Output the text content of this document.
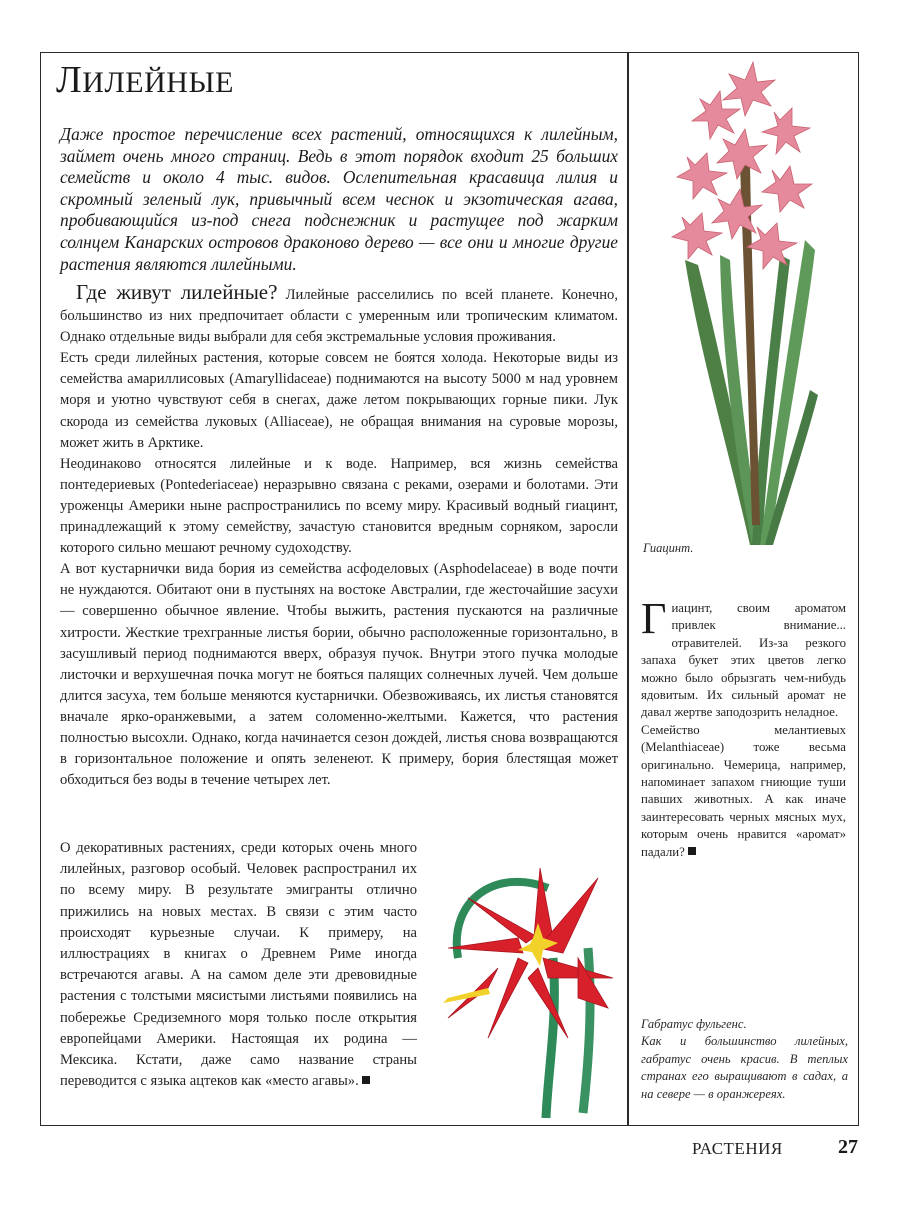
ЛИЛЕЙНЫЕ

Даже простое перечисление всех растений, относящихся к лилейным, займет очень много страниц. Ведь в этот порядок входит 25 больших семейств и около 4 тыс. видов. Ослепительная красавица лилия и скромный зеленый лук, привычный всем чеснок и экзотическая агава, пробивающийся из-под снега подснежник и растущее под жарким солнцем Канарских островов драконово дерево — все они и многие другие растения являются лилейными.

Где живут лилейные? Лилейные расселились по всей планете. Конечно, большинство из них предпочитает области с умеренным или тропическим климатом. Однако отдельные виды выбрали для себя экстремальные условия проживания.

Есть среди лилейных растения, которые совсем не боятся холода. Некоторые виды из семейства амариллисовых (Amaryllidaceae) поднимаются на высоту 5000 м над уровнем моря и уютно чувствуют себя в снегах, даже летом покрывающих горные пики. Лук скорода из семейства луковых (Alliaceae), не обращая внимания на суровые морозы, может жить в Арктике.

Неодинаково относятся лилейные и к воде. Например, вся жизнь семейства понтедериевых (Pontederiaceae) неразрывно связана с реками, озерами и болотами. Эти уроженцы Америки ныне распространились по всему миру. Красивый водный гиацинт, принадлежащий к этому семейству, зачастую становится вредным сорняком, заросли которого сильно мешают речному судоходству.

А вот кустарнички вида бория из семейства асфоделовых (Asphodelaceae) в воде почти не нуждаются. Обитают они в пустынях на востоке Австралии, где жесточайшие засухи — совершенно обычное явление. Чтобы выжить, растения пускаются на различные хитрости. Жесткие трехгранные листья бории, обычно расположенные горизонтально, в засушливый период поднимаются вверх, образуя пучок. Внутри этого пучка молодые листочки и верхушечная почка могут не бояться палящих солнечных лучей. Чем дольше длится засуха, тем больше меняются кустарнички. Обезвоживаясь, их листья становятся вначале ярко-оранжевыми, а затем соломенно-желтыми. Кажется, что растения полностью высохли. Однако, когда начинается сезон дождей, листья снова возвращаются в горизонтальное положение и опять зеленеют. К примеру, бория блестящая может обходиться без воды в течение четырех лет.

О декоративных растениях, среди которых очень много лилейных, разговор особый. Человек распространил их по всему миру. В результате эмигранты отлично прижились на новых местах. В связи с этим часто происходят курьезные случаи. К примеру, на иллюстрациях в книгах о Древнем Риме иногда встречаются агавы. А на самом деле эти древовидные растения с толстыми мясистыми листьями появились на побережье Средиземного моря только после открытия европейцами Америки. Настоящая их родина — Мексика. Кстати, даже само название страны переводится с языка ацтеков как «место агавы».

Гиацинт.

Гиацинт, своим ароматом привлек внимание... отравителей. Из-за резкого запаха букет этих цветов легко можно было обрызгать чем-нибудь ядовитым. Их сильный аромат не давал жертве заподозрить неладное.

Семейство мелантиевых (Melanthiaceae) тоже весьма оригинально. Чемерица, например, напоминает запахом гниющие туши павших животных. А как иначе заинтересовать черных мясных мух, которым очень нравится «аромат» падали?

Габратус фульгенс.
Как и большинство лилейных, габратус очень красив. В теплых странах его выращивают в садах, а на севере — в оранжереях.
РАСТЕНИЯ	27
